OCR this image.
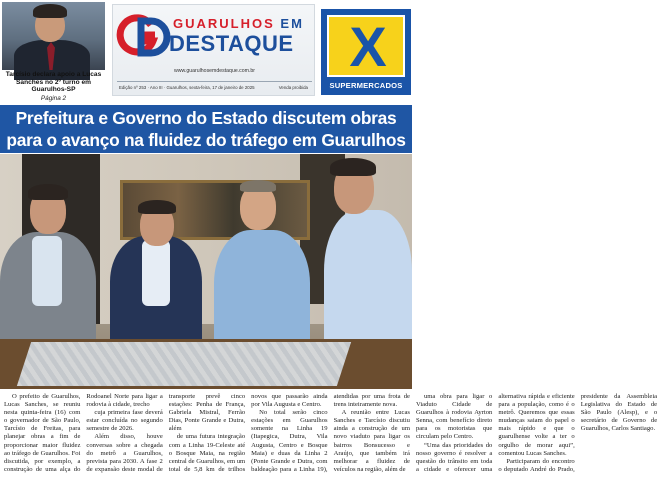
Tarcísio declara apoio a Lucas Sanches no 2º turno em Guarulhos-SP
Página 2
GUARULHOS EM
DESTAQUE
www.guarulhosemdestaque.com.br
Edição nº 253 · Ano III · Guarulhos, sexta-feira, 17 de janeiro de 2025	Venda proibida
X
SUPERMERCADOS
Prefeitura e Governo do Estado discutem obras
para o avanço na fluidez do tráfego em Guarulhos

O prefeito de Guarulhos, Lucas Sanches, se reuniu nesta quinta-feira (16) com o governador de São Paulo, Tarcísio de Freitas, para planejar obras a fim de proporcionar maior fluidez ao tráfego de Guarulhos. Foi discutida, por exemplo, a construção de uma alça do Rodoanel Norte para ligar a rodovia à cidade, trecho

cuja primeira fase deverá estar concluída no segundo semestre de 2026.

Além disso, houve conversas sobre a chegada do metrô a Guarulhos, prevista para 2030. A fase 2 de expansão deste modal de transporte prevê cinco estações: Penha de França, Gabriela Mistral, Ferrão Dias, Ponte Grande e Dutra, além

de uma futura integração com a Linha 19-Celeste até o Bosque Maia, na região central de Guarulhos, em um total de 5,8 km de trilhos novos que passarão ainda por Vila Augusta e Centro.

No total serão cinco estações em Guarulhos somente na Linha 19 (Itapegica, Dutra, Vila Augusta, Centro e Bosque Maia) e duas da Linha 2 (Ponte Grande e Dutra, com baldeação para a Linha 19), atendidas por uma frota de trens inteiramente nova.

A reunião entre Lucas Sanches e Tarcísio discutiu ainda a construção de um novo viaduto para ligar os bairros Bonsucesso e Araújo, que também irá melhorar a fluidez de veículos na região, além de

uma obra para ligar o Viaduto Cidade de Guarulhos à rodovia Ayrton Senna, com benefício direto para os motoristas que circulam pelo Centro.

“Uma das prioridades do nosso governo é resolver a questão do trânsito em toda a cidade e oferecer uma alternativa rápida e eficiente para a população, como é o metrô. Queremos que essas mudanças saiam do papel o mais rápido e que o guarulhense volte a ter o orgulho de morar aqui”, comentou Lucas Sanches.

Participaram do encontro o deputado André do Prado, presidente da Assembleia Legislativa do Estado de São Paulo (Alesp), e o secretário de Governo de Guarulhos, Carlos Santiago.
